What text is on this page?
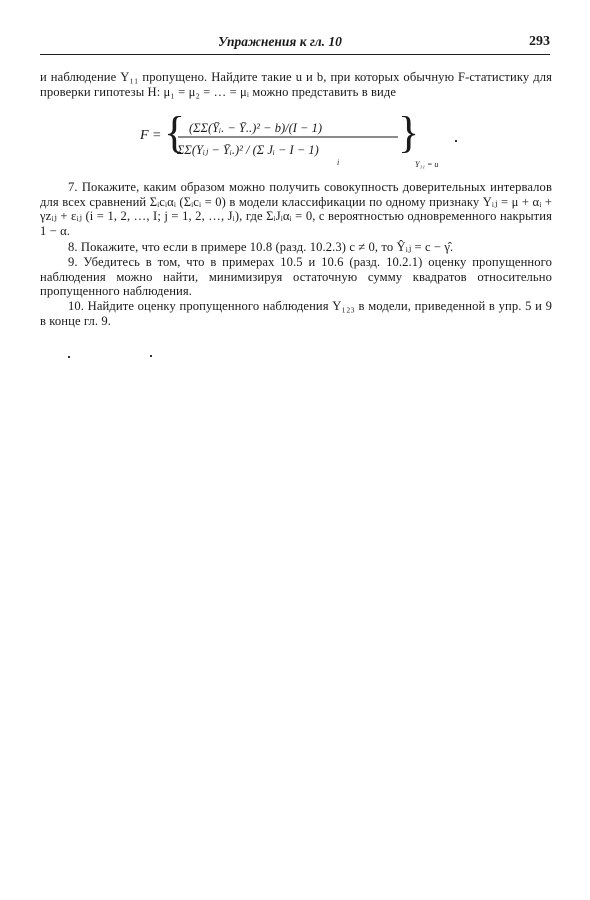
Упражнения к гл. 10	293
и наблюдение Y₁₁ пропущено. Найдите такие u и b, при которых обычную F-статистику для проверки гипотезы H: μ₁ = μ₂ = … = μᵢ можно представить в виде
F = { (ΣΣ(Ȳᵢ. − Ȳ..)² − b)/(I − 1)
ΣΣ(Yᵢⱼ − Ȳᵢ.)² / (Σ Jᵢ − I − 1)
i
}
Y₁₁ = u
7. Покажите, каким образом можно получить совокупность доверительных интервалов для всех сравнений Σᵢcᵢαᵢ (Σᵢcᵢ = 0) в модели классификации по одному признаку Yᵢⱼ = μ + αᵢ + γzᵢⱼ + εᵢⱼ (i = 1, 2, …, I; j = 1, 2, …, Jᵢ), где ΣᵢJᵢαᵢ = 0, с вероятностью одновременного накрытия 1 − α.
8. Покажите, что если в примере 10.8 (разд. 10.2.3) c ≠ 0, то Ŷᵢⱼ = c − γ̂.
9. Убедитесь в том, что в примерах 10.5 и 10.6 (разд. 10.2.1) оценку пропущенного наблюдения можно найти, минимизируя остаточную сумму квадратов относительно пропущенного наблюдения.
10. Найдите оценку пропущенного наблюдения Y₁₂₃ в модели, приведенной в упр. 5 и 9 в конце гл. 9.
